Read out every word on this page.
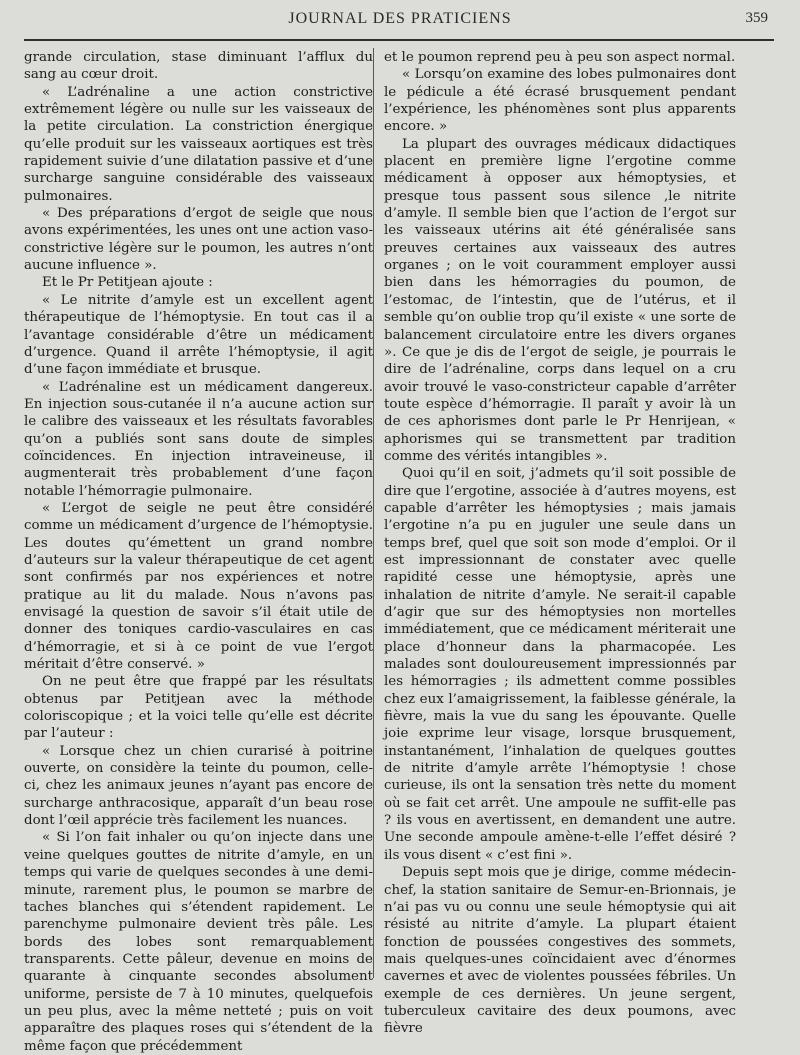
JOURNAL DES PRATICIENS	359

grande circulation, stase diminuant l’afflux du sang au cœur droit.

« L’adrénaline a une action constrictive extrêmement légère ou nulle sur les vaisseaux de la petite circulation. La constriction énergique qu’elle produit sur les vaisseaux aortiques est très rapidement suivie d’une dilatation passive et d’une surcharge sanguine considérable des vaisseaux pulmonaires.

« Des préparations d’ergot de seigle que nous avons expérimentées, les unes ont une action vaso-constrictive légère sur le poumon, les autres n’ont aucune influence ».

Et le Pr Petitjean ajoute :

« Le nitrite d’amyle est un excellent agent thérapeutique de l’hémoptysie. En tout cas il a l’avantage considérable d’être un médicament d’urgence. Quand il arrête l’hémoptysie, il agit d’une façon immédiate et brusque.

« L’adrénaline est un médicament dangereux. En injection sous-cutanée il n’a aucune action sur le calibre des vaisseaux et les résultats favorables qu’on a publiés sont sans doute de simples coïncidences. En injection intraveineuse, il augmenterait très probablement d’une façon notable l’hémorragie pulmonaire.

« L’ergot de seigle ne peut être considéré comme un médicament d’urgence de l’hémoptysie. Les doutes qu’émettent un grand nombre d’auteurs sur la valeur thérapeutique de cet agent sont confirmés par nos expériences et notre pratique au lit du malade. Nous n’avons pas envisagé la question de savoir s’il était utile de donner des toniques cardio-vasculaires en cas d’hémorragie, et si à ce point de vue l’ergot méritait d’être conservé. »

On ne peut être que frappé par les résultats obtenus par Petitjean avec la méthode coloriscopique ; et la voici telle qu’elle est décrite par l’auteur :

« Lorsque chez un chien curarisé à poitrine ouverte, on considère la teinte du poumon, celle-ci, chez les animaux jeunes n’ayant pas encore de surcharge anthracosique, apparaît d’un beau rose dont l’œil apprécie très facilement les nuances.

« Si l’on fait inhaler ou qu’on injecte dans une veine quelques gouttes de nitrite d’amyle, en un temps qui varie de quelques secondes à une demi-minute, rarement plus, le poumon se marbre de taches blanches qui s’étendent rapidement. Le parenchyme pulmonaire devient très pâle. Les bords des lobes sont remarquablement transparents. Cette pâleur, devenue en moins de quarante à cinquante secondes absolument uniforme, persiste de 7 à 10 minutes, quelquefois un peu plus, avec la même netteté ; puis on voit apparaître des plaques roses qui s’étendent de la même façon que précédemment

et le poumon reprend peu à peu son aspect normal.

« Lorsqu’on examine des lobes pulmonaires dont le pédicule a été écrasé brusquement pendant l’expérience, les phénomènes sont plus apparents encore. »

La plupart des ouvrages médicaux didactiques placent en première ligne l’ergotine comme médicament à opposer aux hémoptysies, et presque tous passent sous silence ,le nitrite d’amyle. Il semble bien que l’action de l’ergot sur les vaisseaux utérins ait été généralisée sans preuves certaines aux vaisseaux des autres organes ; on le voit couramment employer aussi bien dans les hémorragies du poumon, de l’estomac, de l’intestin, que de l’utérus, et il semble qu’on oublie trop qu’il existe « une sorte de balancement circulatoire entre les divers organes ». Ce que je dis de l’ergot de seigle, je pourrais le dire de l’adrénaline, corps dans lequel on a cru avoir trouvé le vaso-constricteur capable d’arrêter toute espèce d’hémorragie. Il paraît y avoir là un de ces aphorismes dont parle le Pr Henrijean, « aphorismes qui se transmettent par tradition comme des vérités intangibles ».

Quoi qu’il en soit, j’admets qu’il soit possible de dire que l’ergotine, associée à d’autres moyens, est capable d’arrêter les hémoptysies ; mais jamais l’ergotine n’a pu en juguler une seule dans un temps bref, quel que soit son mode d’emploi. Or il est impressionnant de constater avec quelle rapidité cesse une hémoptysie, après une inhalation de nitrite d’amyle. Ne serait-il capable d’agir que sur des hémoptysies non mortelles immédiatement, que ce médicament mériterait une place d’honneur dans la pharmacopée. Les malades sont douloureusement impressionnés par les hémorragies ; ils admettent comme possibles chez eux l’amaigrissement, la faiblesse générale, la fièvre, mais la vue du sang les épouvante. Quelle joie exprime leur visage, lorsque brusquement, instantanément, l’inhalation de quelques gouttes de nitrite d’amyle arrête l’hémoptysie ! chose curieuse, ils ont la sensation très nette du moment où se fait cet arrêt. Une ampoule ne suffit-elle pas ? ils vous en avertissent, en demandent une autre. Une seconde ampoule amène-t-elle l’effet désiré ? ils vous disent « c’est fini ».

Depuis sept mois que je dirige, comme médecin-chef, la station sanitaire de Semur-en-Brionnais, je n’ai pas vu ou connu une seule hémoptysie qui ait résisté au nitrite d’amyle. La plupart étaient fonction de poussées congestives des sommets, mais quelques-unes coïncidaient avec d’énormes cavernes et avec de violentes poussées fébriles. Un exemple de ces dernières. Un jeune sergent, tuberculeux cavitaire des deux poumons, avec fièvre
